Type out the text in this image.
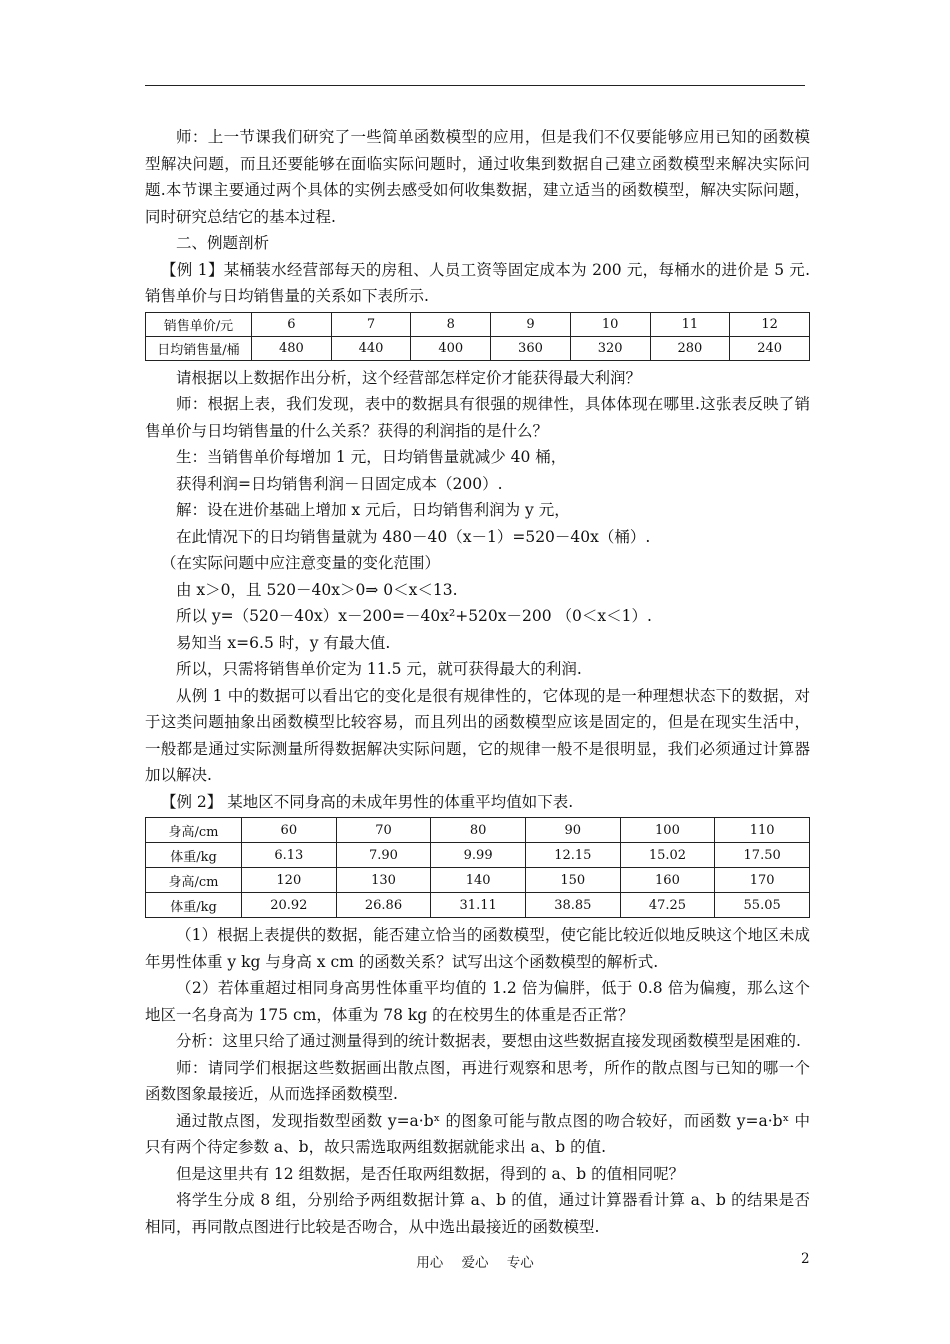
师：上一节课我们研究了一些简单函数模型的应用，但是我们不仅要能够应用已知的函数模型解决问题，而且还要能够在面临实际问题时，通过收集到数据自己建立函数模型来解决实际问题.本节课主要通过两个具体的实例去感受如何收集数据，建立适当的函数模型，解决实际问题，同时研究总结它的基本过程.

二、例题剖析

【例 1】某桶装水经营部每天的房租、人员工资等固定成本为 200 元，每桶水的进价是 5 元. 销售单价与日均销售量的关系如下表所示.

销售单价/元	6	7	8	9	10	11	12
日均销售量/桶	480	440	400	360	320	280	240

请根据以上数据作出分析，这个经营部怎样定价才能获得最大利润？

师：根据上表，我们发现，表中的数据具有很强的规律性，具体体现在哪里.这张表反映了销售单价与日均销售量的什么关系？获得的利润指的是什么？

生：当销售单价每增加 1 元，日均销售量就减少 40 桶，

获得利润=日均销售利润－日固定成本（200）.

解：设在进价基础上增加 x 元后，日均销售利润为 y 元，

在此情况下的日均销售量就为 480－40（x－1）=520－40x（桶）.

（在实际问题中应注意变量的变化范围）

由 x＞0，且 520－40x＞0⇒ 0＜x＜13.

所以 y=（520－40x）x－200=－40x²+520x－200 （0＜x＜1）.

易知当 x=6.5 时，y 有最大值.

所以，只需将销售单价定为 11.5 元，就可获得最大的利润.

从例 1 中的数据可以看出它的变化是很有规律性的，它体现的是一种理想状态下的数据，对于这类问题抽象出函数模型比较容易，而且列出的函数模型应该是固定的，但是在现实生活中，一般都是通过实际测量所得数据解决实际问题，它的规律一般不是很明显，我们必须通过计算器加以解决.

【例 2】 某地区不同身高的未成年男性的体重平均值如下表.

身高/cm	60	70	80	90	100	110
体重/kg	6.13	7.90	9.99	12.15	15.02	17.50
身高/cm	120	130	140	150	160	170
体重/kg	20.92	26.86	31.11	38.85	47.25	55.05

（1）根据上表提供的数据，能否建立恰当的函数模型，使它能比较近似地反映这个地区未成年男性体重 y kg 与身高 x cm 的函数关系？试写出这个函数模型的解析式.

（2）若体重超过相同身高男性体重平均值的 1.2 倍为偏胖，低于 0.8 倍为偏瘦，那么这个地区一名身高为 175 cm，体重为 78 kg 的在校男生的体重是否正常？

分析：这里只给了通过测量得到的统计数据表，要想由这些数据直接发现函数模型是困难的.

师：请同学们根据这些数据画出散点图，再进行观察和思考，所作的散点图与已知的哪一个函数图象最接近，从而选择函数模型.

通过散点图，发现指数型函数 y=a·bˣ 的图象可能与散点图的吻合较好，而函数 y=a·bˣ 中只有两个待定参数 a、b，故只需选取两组数据就能求出 a、b 的值.

但是这里共有 12 组数据，是否任取两组数据，得到的 a、b 的值相同呢？

将学生分成 8 组，分别给予两组数据计算 a、b 的值，通过计算器看计算 a、b 的结果是否相同，再同散点图进行比较是否吻合，从中选出最接近的函数模型.

用心 爱心 专心	2
